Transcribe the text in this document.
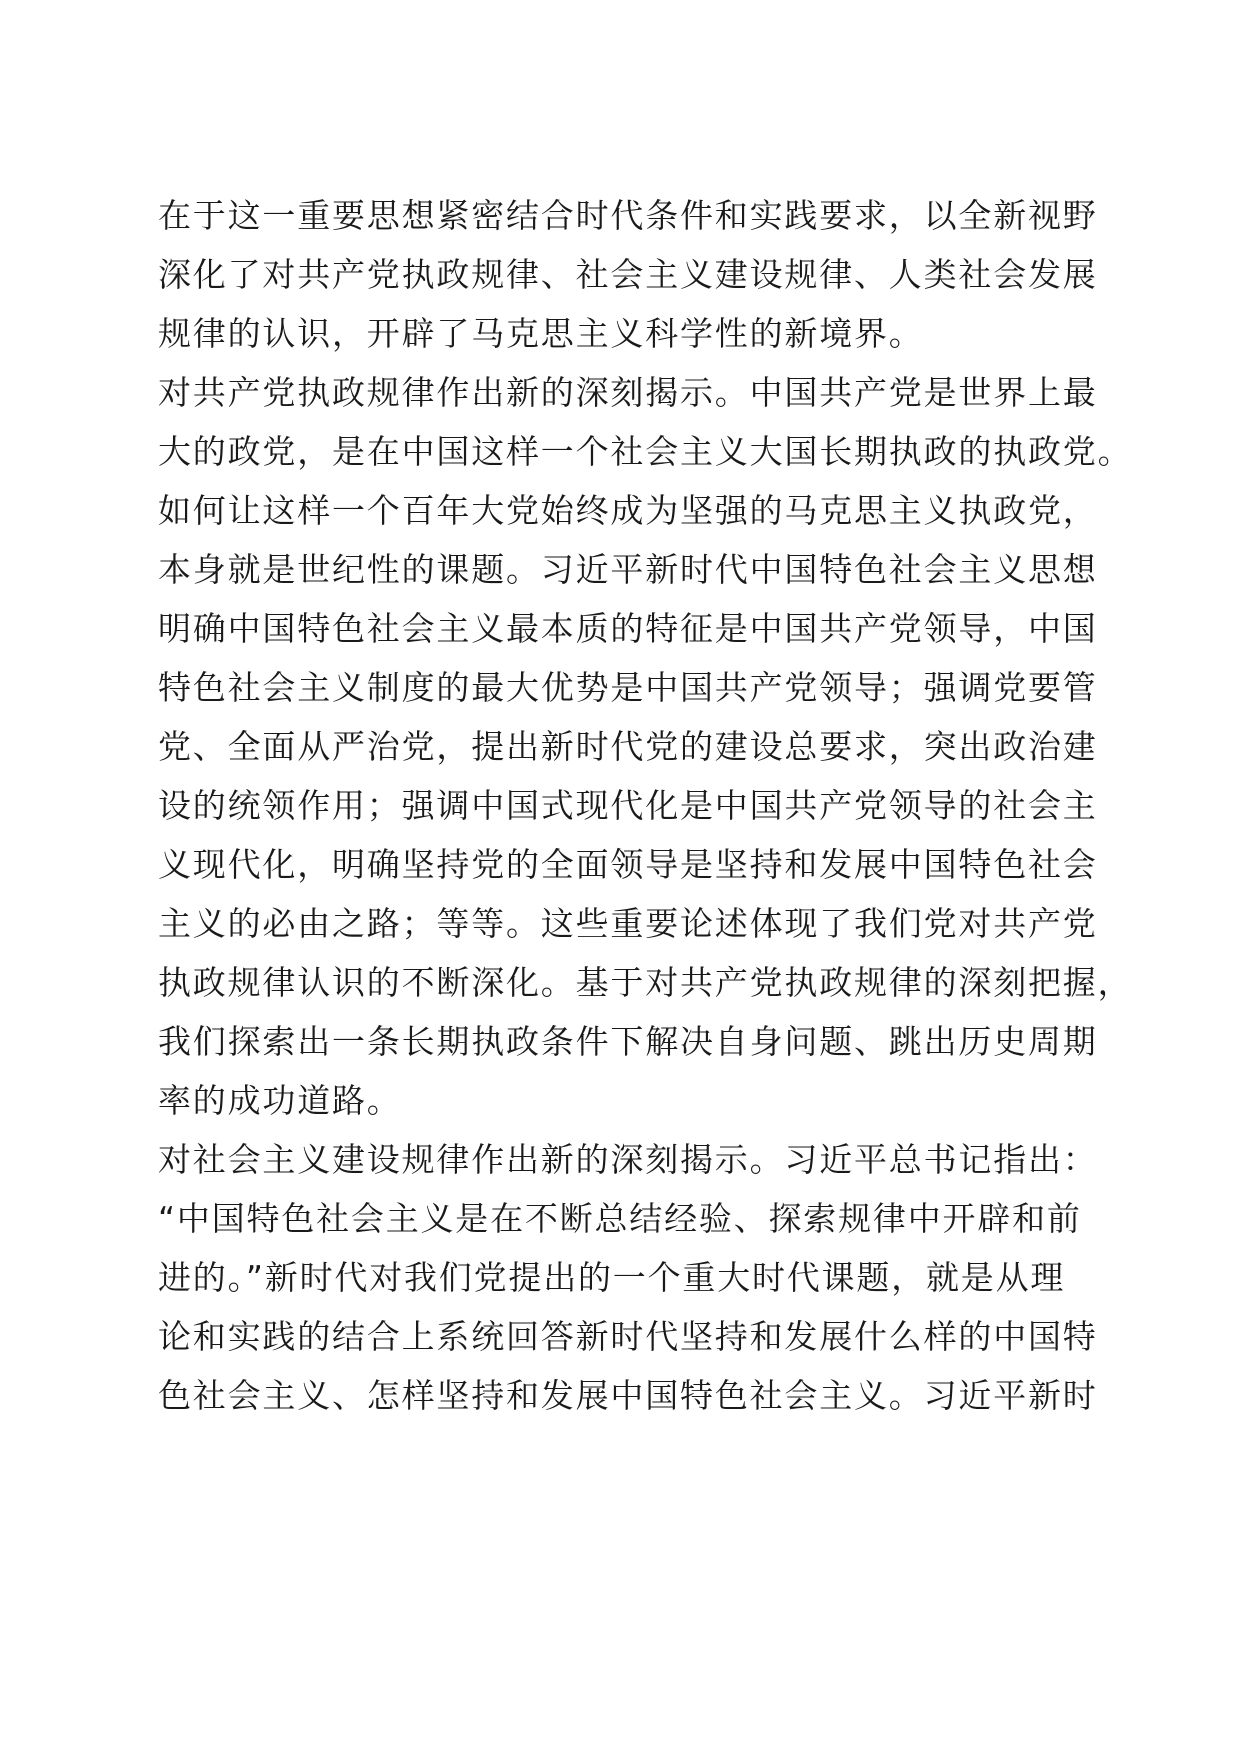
在于这一重要思想紧密结合时代条件和实践要求，以全新视野
深化了对共产党执政规律、社会主义建设规律、人类社会发展
规律的认识，开辟了马克思主义科学性的新境界。
对共产党执政规律作出新的深刻揭示。中国共产党是世界上最
大的政党，是在中国这样一个社会主义大国长期执政的执政党。
如何让这样一个百年大党始终成为坚强的马克思主义执政党，
本身就是世纪性的课题。习近平新时代中国特色社会主义思想
明确中国特色社会主义最本质的特征是中国共产党领导，中国
特色社会主义制度的最大优势是中国共产党领导；强调党要管
党、全面从严治党，提出新时代党的建设总要求，突出政治建
设的统领作用；强调中国式现代化是中国共产党领导的社会主
义现代化，明确坚持党的全面领导是坚持和发展中国特色社会
主义的必由之路；等等。这些重要论述体现了我们党对共产党
执政规律认识的不断深化。基于对共产党执政规律的深刻把握，
我们探索出一条长期执政条件下解决自身问题、跳出历史周期
率的成功道路。
对社会主义建设规律作出新的深刻揭示。习近平总书记指出：
“中国特色社会主义是在不断总结经验、探索规律中开辟和前
进的。”新时代对我们党提出的一个重大时代课题，就是从理
论和实践的结合上系统回答新时代坚持和发展什么样的中国特
色社会主义、怎样坚持和发展中国特色社会主义。习近平新时
